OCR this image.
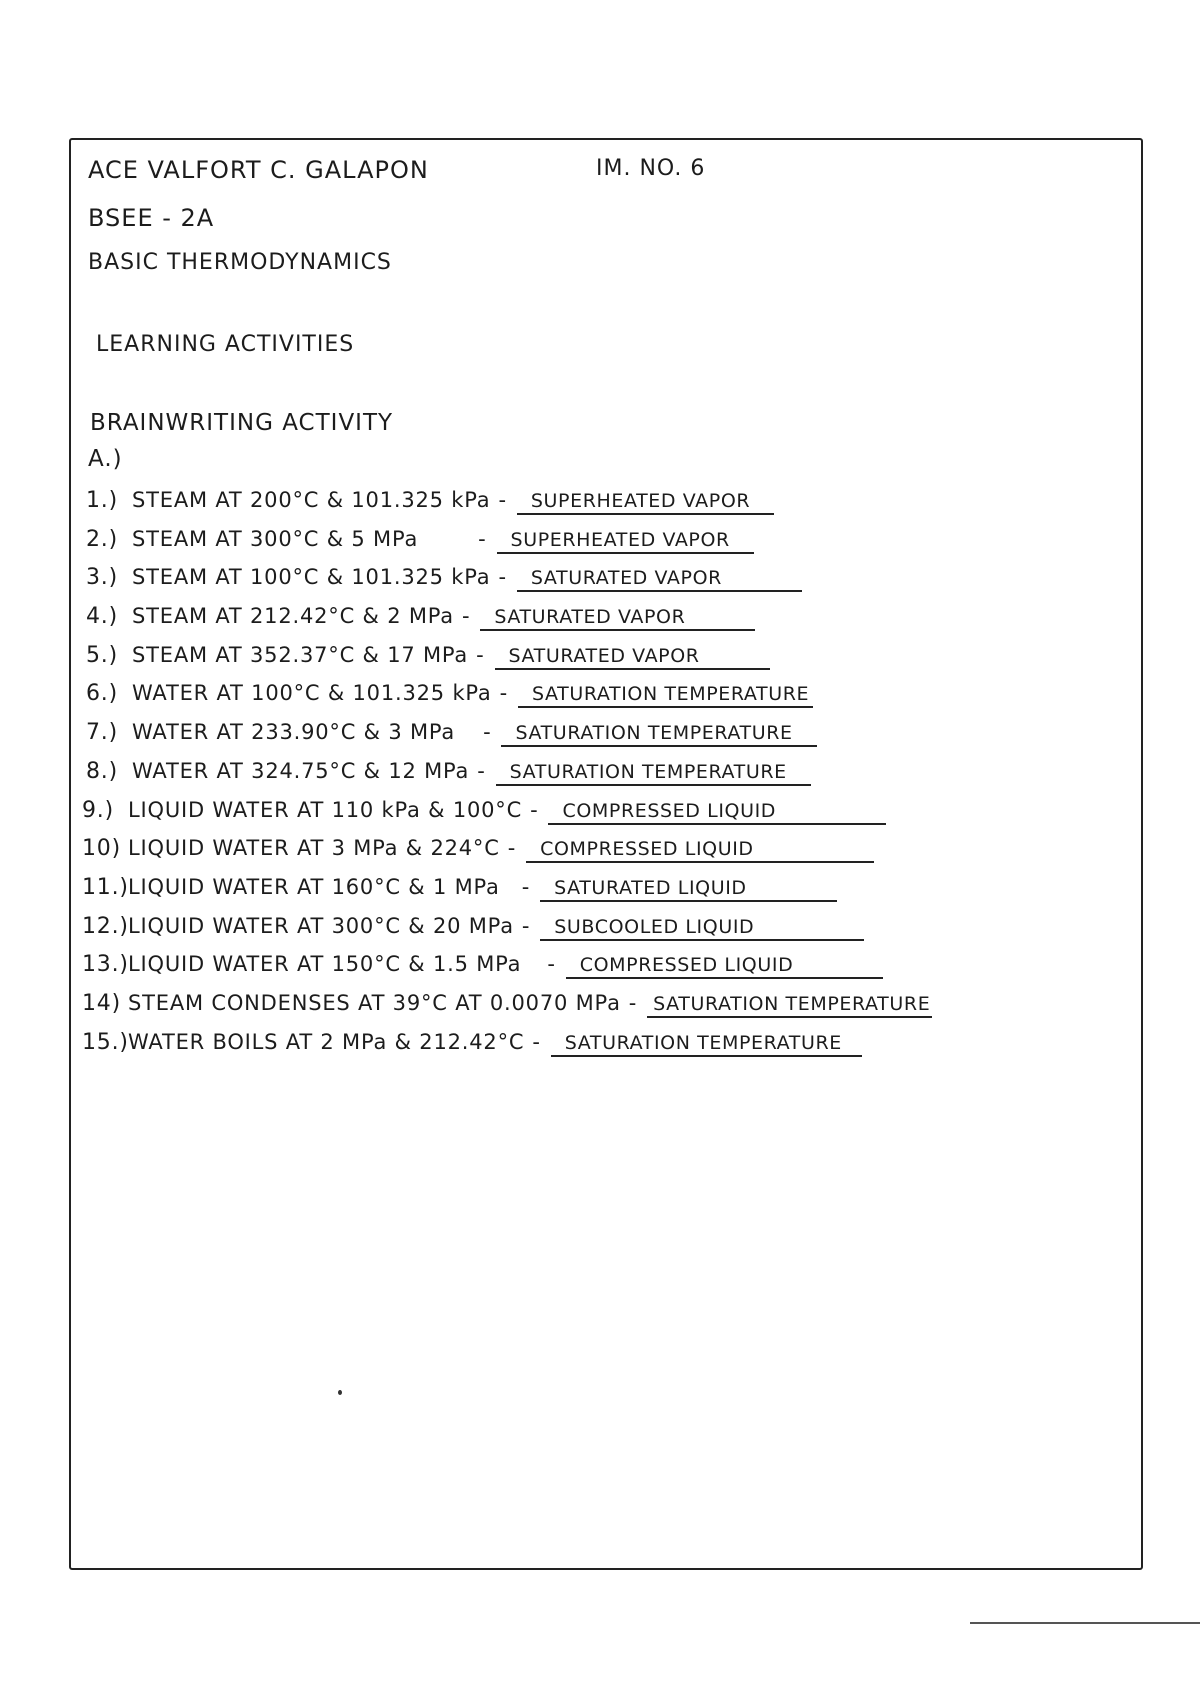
ACE VALFORT C. GALAPON	IM. NO. 6
BSEE - 2A
BASIC THERMODYNAMICS
LEARNING ACTIVITIES
BRAINWRITING ACTIVITY
A.)
1.) STEAM AT 200°C & 101.325 kPa -	SUPERHEATED VAPOR
2.) STEAM AT 300°C & 5 MPa	-	SUPERHEATED VAPOR
3.) STEAM AT 100°C & 101.325 kPa -	SATURATED VAPOR
4.) STEAM AT 212.42°C & 2 MPa -	SATURATED VAPOR
5.) STEAM AT 352.37°C & 17 MPa -	SATURATED VAPOR
6.) WATER AT 100°C & 101.325 kPa -	SATURATION TEMPERATURE
7.) WATER AT 233.90°C & 3 MPa -	SATURATION TEMPERATURE
8.) WATER AT 324.75°C & 12 MPa -	SATURATION TEMPERATURE
9.) LIQUID WATER AT 110 kPa & 100°C -	COMPRESSED LIQUID
10) LIQUID WATER AT 3 MPa & 224°C -	COMPRESSED LIQUID
11.) LIQUID WATER AT 160°C & 1 MPa -	SATURATED LIQUID
12.) LIQUID WATER AT 300°C & 20 MPa -	SUBCOOLED LIQUID
13.) LIQUID WATER AT 150°C & 1.5 MPa -	COMPRESSED LIQUID
14) STEAM CONDENSES AT 39°C AT 0.0070 MPa - SATURATION TEMPERATURE
15.) WATER BOILS AT 2 MPa & 212.42°C -	SATURATION TEMPERATURE
